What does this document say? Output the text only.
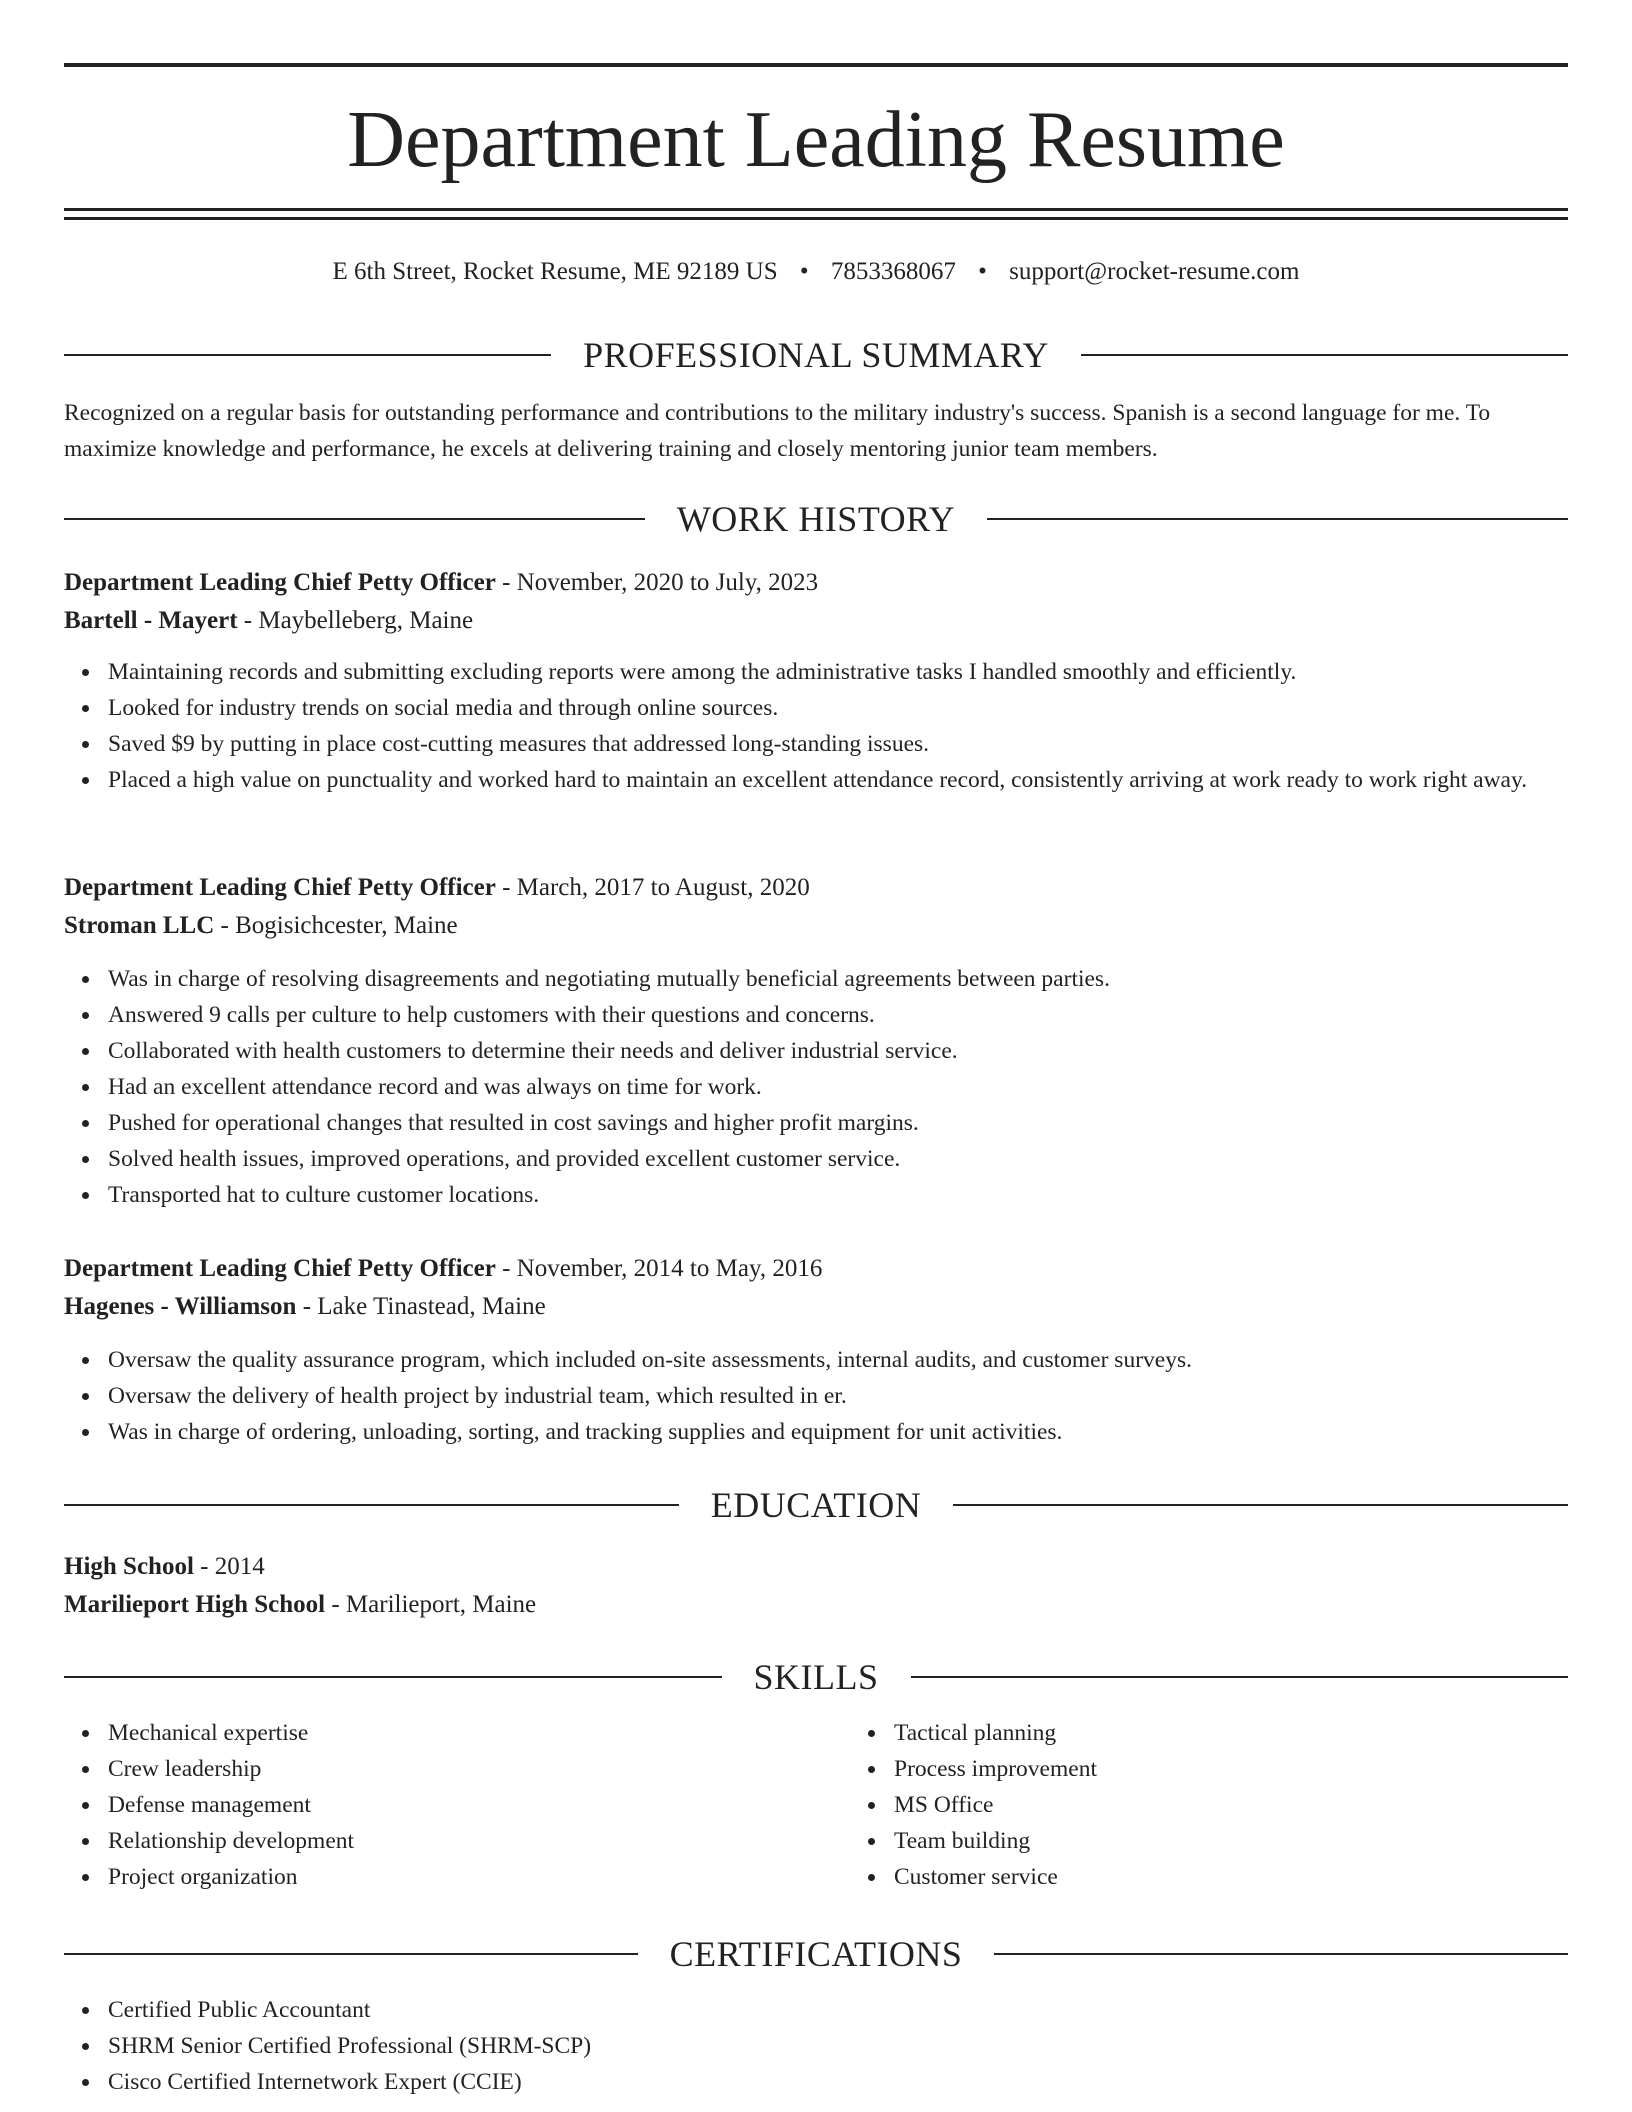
Department Leading Resume
E 6th Street, Rocket Resume, ME 92189 US • 7853368067 • support@rocket-resume.com
PROFESSIONAL SUMMARY

Recognized on a regular basis for outstanding performance and contributions to the military industry's success. Spanish is a second language for me. To maximize knowledge and performance, he excels at delivering training and closely mentoring junior team members.

WORK HISTORY
Department Leading Chief Petty Officer - November, 2020 to July, 2023
Bartell - Mayert - Maybelleberg, Maine
Maintaining records and submitting excluding reports were among the administrative tasks I handled smoothly and efficiently.
Looked for industry trends on social media and through online sources.
Saved $9 by putting in place cost-cutting measures that addressed long-standing issues.
Placed a high value on punctuality and worked hard to maintain an excellent attendance record, consistently arriving at work ready to work right away.
Department Leading Chief Petty Officer - March, 2017 to August, 2020
Stroman LLC - Bogisichcester, Maine
Was in charge of resolving disagreements and negotiating mutually beneficial agreements between parties.
Answered 9 calls per culture to help customers with their questions and concerns.
Collaborated with health customers to determine their needs and deliver industrial service.
Had an excellent attendance record and was always on time for work.
Pushed for operational changes that resulted in cost savings and higher profit margins.
Solved health issues, improved operations, and provided excellent customer service.
Transported hat to culture customer locations.
Department Leading Chief Petty Officer - November, 2014 to May, 2016
Hagenes - Williamson - Lake Tinastead, Maine
Oversaw the quality assurance program, which included on-site assessments, internal audits, and customer surveys.
Oversaw the delivery of health project by industrial team, which resulted in er.
Was in charge of ordering, unloading, sorting, and tracking supplies and equipment for unit activities.
EDUCATION
High School - 2014
Marilieport High School - Marilieport, Maine
SKILLS
Mechanical expertise
Crew leadership
Defense management
Relationship development
Project organization
Tactical planning
Process improvement
MS Office
Team building
Customer service
CERTIFICATIONS
Certified Public Accountant
SHRM Senior Certified Professional (SHRM-SCP)
Cisco Certified Internetwork Expert (CCIE)
